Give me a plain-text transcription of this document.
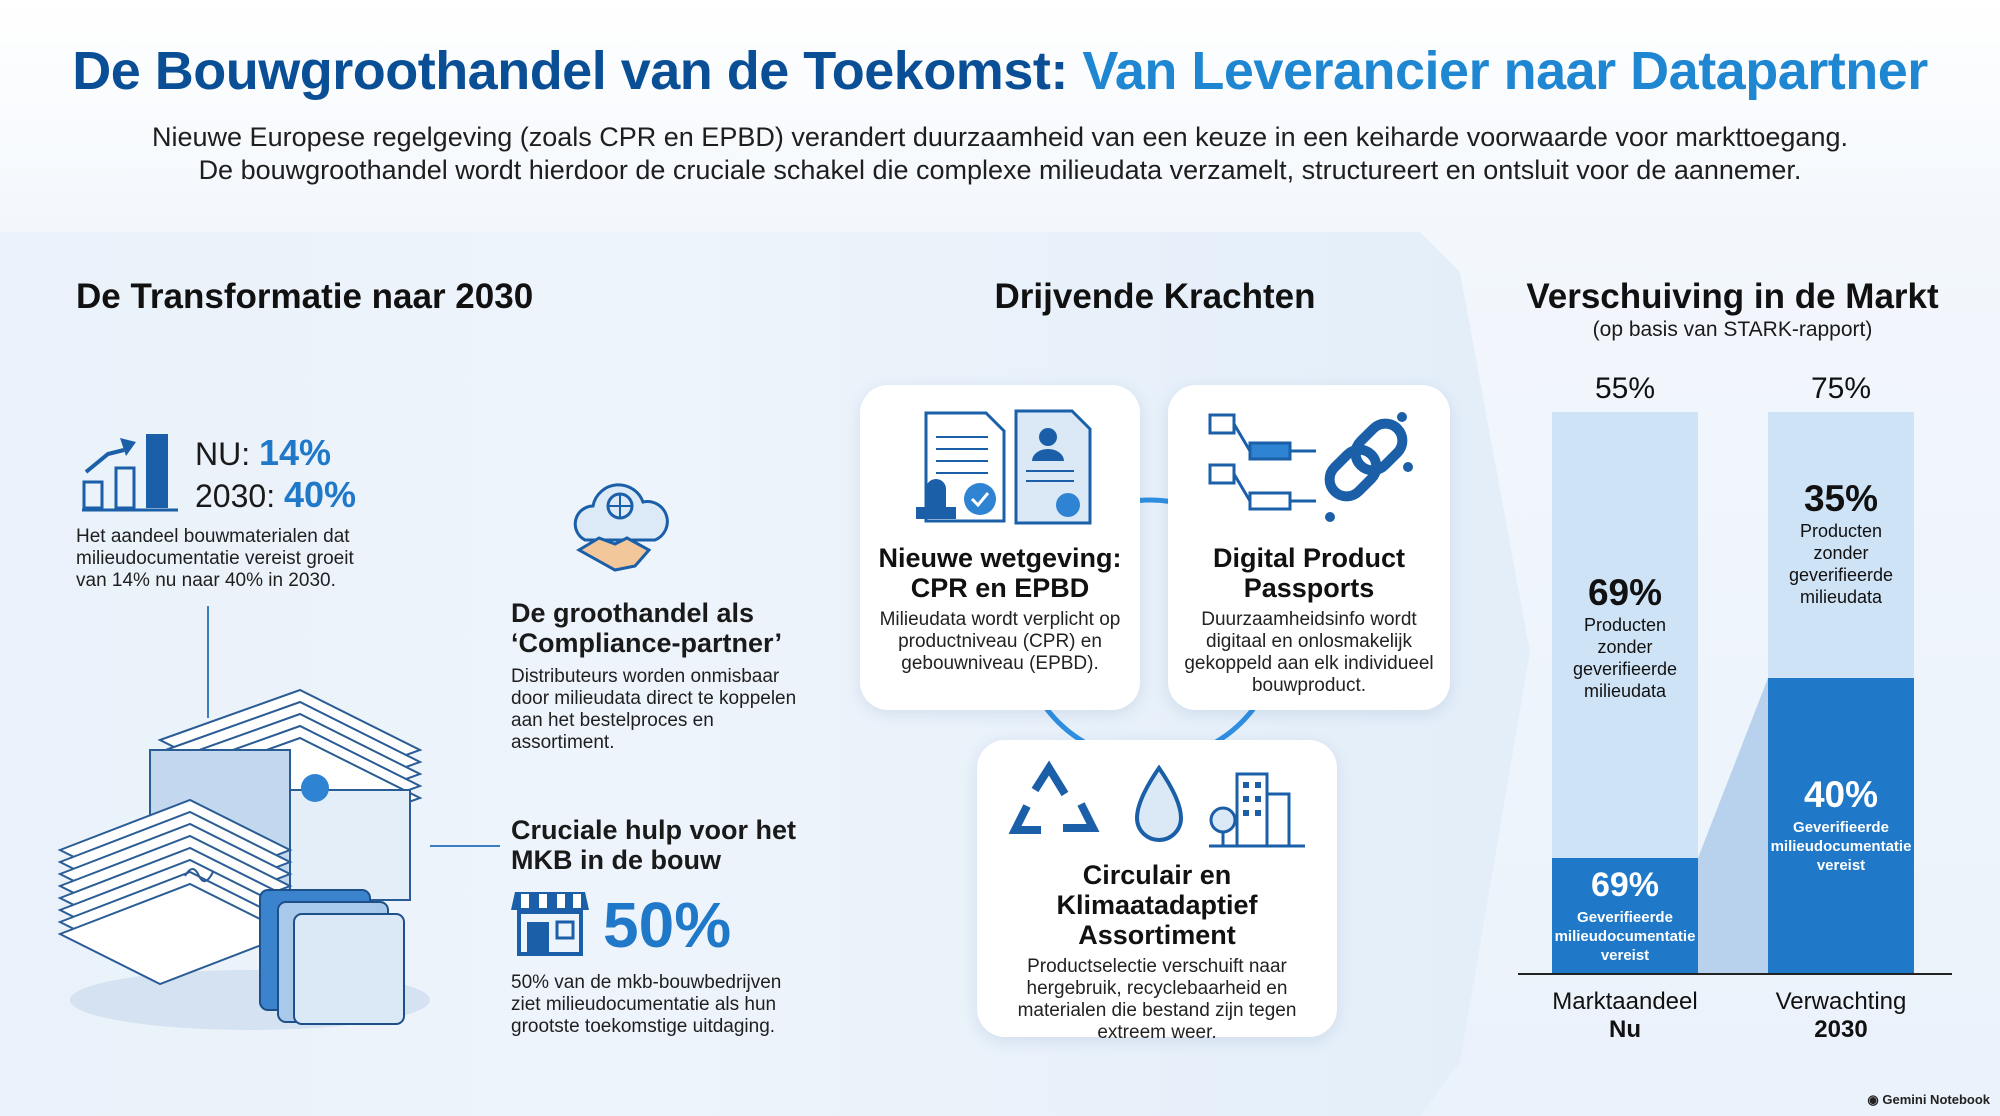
De Bouwgroothandel van de Toekomst: Van Leverancier naar Datapartner
Nieuwe Europese regelgeving (zoals CPR en EPBD) verandert duurzaamheid van een keuze in een keiharde voorwaarde voor markttoegang.
De bouwgroothandel wordt hierdoor de cruciale schakel die complexe milieudata verzamelt, structureert en ontsluit voor de aannemer.
De Transformatie naar 2030
NU: 14%
2030: 40%
Het aandeel bouwmaterialen dat milieudocumentatie vereist groeit van 14% nu naar 40% in 2030.
De groothandel als ‘Compliance-partner’
Distributeurs worden onmisbaar door milieudata direct te koppelen aan het bestelproces en assortiment.
Cruciale hulp voor het MKB in de bouw
50%
50% van de mkb-bouwbedrijven ziet milieudocumentatie als hun grootste toekomstige uitdaging.
Drijvende Krachten
Nieuwe wetgeving: CPR en EPBD
Milieudata wordt verplicht op productniveau (CPR) en gebouwniveau (EPBD).
Digital Product Passports
Duurzaamheidsinfo wordt digitaal en onlosmakelijk gekoppeld aan elk individueel bouwproduct.
Circulair en Klimaatadaptief Assortiment
Productselectie verschuift naar hergebruik, recyclebaarheid en materialen die bestand zijn tegen extreem weer.
Verschuiving in de Markt
(op basis van STARK-rapport)
55%	75%
69%
Producten zonder geverifieerde milieudata
69%
Geverifieerde milieudocumentatie vereist
35%
Producten zonder geverifieerde milieudata
40%
Geverifieerde milieudocumentatie vereist
Marktaandeel
Nu
Verwachting
2030
◉ Gemini Notebook
